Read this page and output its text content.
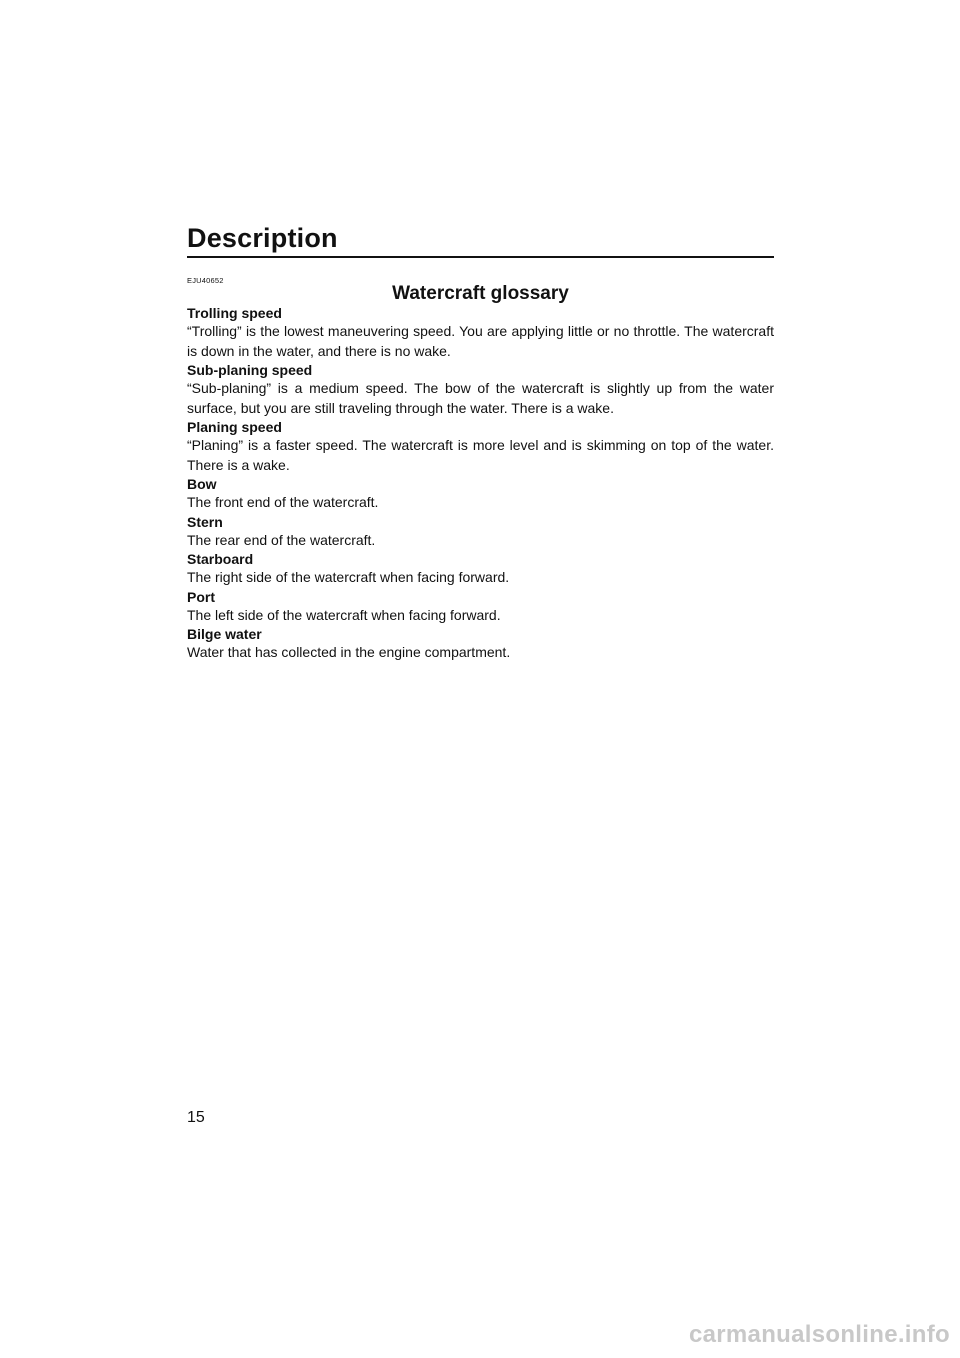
Description
EJU40652
Watercraft glossary

Trolling speed

“Trolling” is the lowest maneuvering speed. You are applying little or no throttle. The watercraft is down in the water, and there is no wake.

Sub-planing speed

“Sub-planing” is a medium speed. The bow of the watercraft is slightly up from the water surface, but you are still traveling through the water. There is a wake.

Planing speed

“Planing” is a faster speed. The watercraft is more level and is skimming on top of the water. There is a wake.

Bow

The front end of the watercraft.

Stern

The rear end of the watercraft.

Starboard

The right side of the watercraft when facing forward.

Port

The left side of the watercraft when facing forward.

Bilge water

Water that has collected in the engine compartment.

15
carmanualsonline.info
